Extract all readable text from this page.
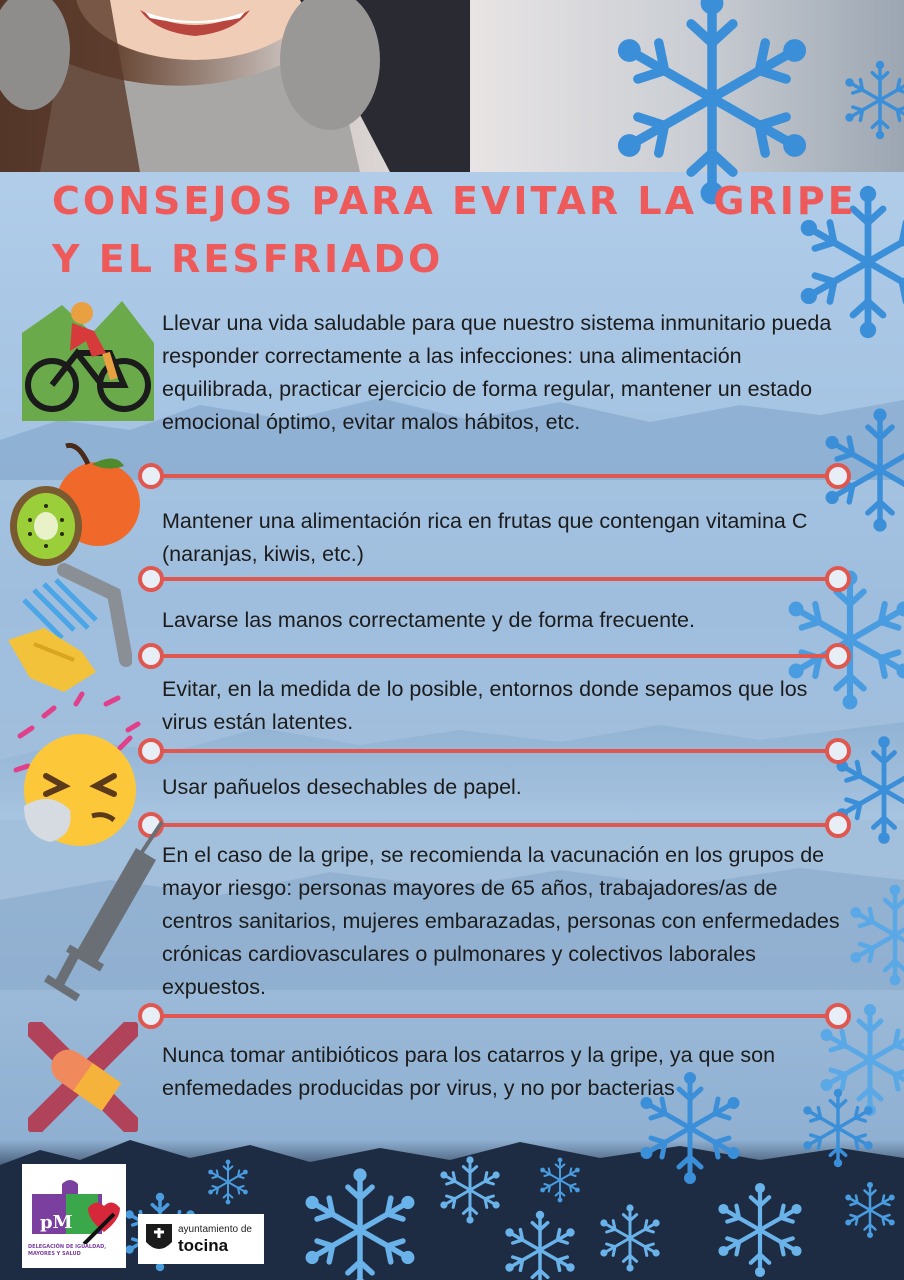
CONSEJOS PARA EVITAR LA GRIPE
Y EL RESFRIADO

Llevar una vida saludable para que nuestro sistema inmunitario pueda responder correctamente a las infecciones: una alimentación equilibrada, practicar ejercicio de forma regular, mantener un estado emocional óptimo, evitar malos hábitos, etc.

Mantener una alimentación rica en frutas que contengan vitamina C (naranjas, kiwis, etc.)

Lavarse las manos correctamente y de forma frecuente.

Evitar, en la medida de lo posible, entornos donde sepamos que los virus están latentes.

Usar pañuelos desechables de papel.

En el caso de la gripe, se recomienda la vacunación en los grupos de mayor riesgo: personas mayores de 65 años, trabajadores/as de centros sanitarios, mujeres embarazadas, personas con enfermedades crónicas cardiovasculares o pulmonares y colectivos laborales expuestos.

Nunca tomar antibióticos para los catarros y la gripe, ya que son enfemedades producidas por virus, y no por bacterias

pM
DELEGACIÓN DE IGUALDAD, MAYORES Y SALUD
ayuntamiento de
tocina
